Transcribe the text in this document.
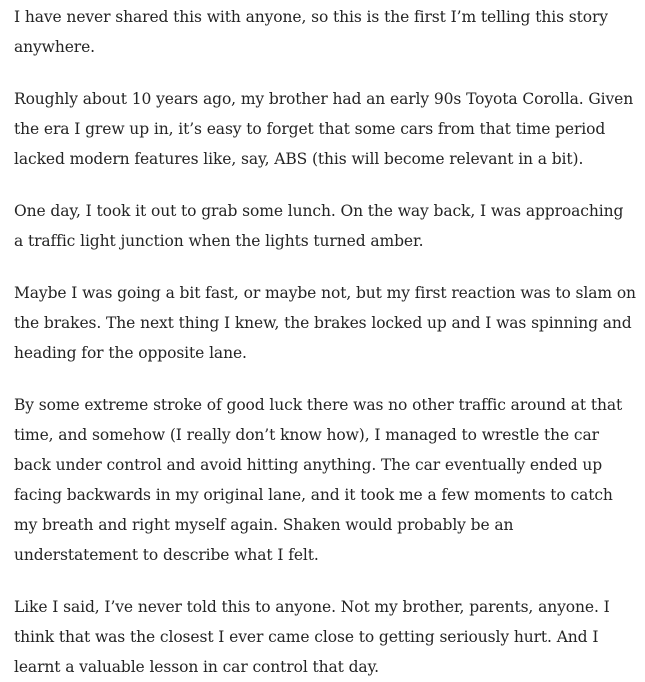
I have never shared this with anyone, so this is the first I’m telling this story anywhere.

Roughly about 10 years ago, my brother had an early 90s Toyota Corolla. Given the era I grew up in, it’s easy to forget that some cars from that time period lacked modern features like, say, ABS (this will become relevant in a bit).

One day, I took it out to grab some lunch. On the way back, I was approaching a traffic light junction when the lights turned amber.

Maybe I was going a bit fast, or maybe not, but my first reaction was to slam on the brakes. The next thing I knew, the brakes locked up and I was spinning and heading for the opposite lane.

By some extreme stroke of good luck there was no other traffic around at that time, and somehow (I really don’t know how), I managed to wrestle the car back under control and avoid hitting anything. The car eventually ended up facing backwards in my original lane, and it took me a few moments to catch my breath and right myself again. Shaken would probably be an understatement to describe what I felt.

Like I said, I’ve never told this to anyone. Not my brother, parents, anyone. I think that was the closest I ever came close to getting seriously hurt. And I learnt a valuable lesson in car control that day.
